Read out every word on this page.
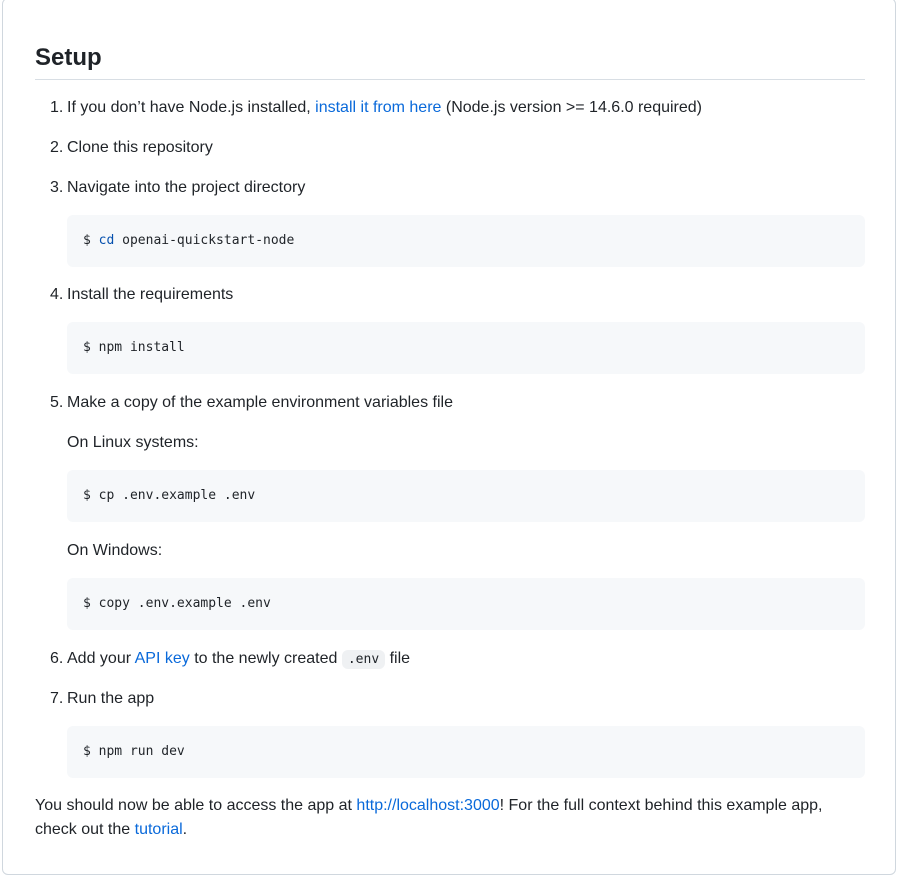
Setup
1. If you don’t have Node.js installed, install it from here (Node.js version >= 14.6.0 required)
2. Clone this repository
3. Navigate into the project directory
$ cd openai-quickstart-node
4. Install the requirements
$ npm install
5. Make a copy of the example environment variables file
On Linux systems:
$ cp .env.example .env
On Windows:
$ copy .env.example .env
6. Add your API key to the newly created .env file
7. Run the app
$ npm run dev
You should now be able to access the app at http://localhost:3000! For the full context behind this example app, check out the tutorial.
